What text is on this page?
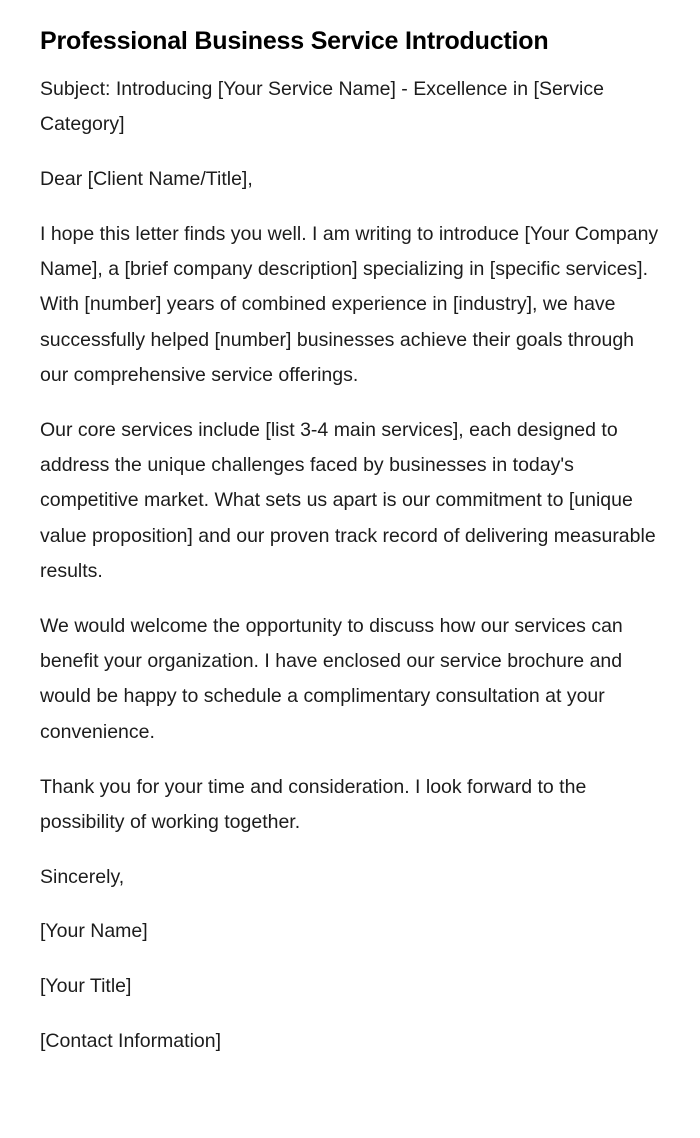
Professional Business Service Introduction

Subject: Introducing [Your Service Name] - Excellence in [Service Category]

Dear [Client Name/Title],

I hope this letter finds you well. I am writing to introduce [Your Company Name], a [brief company description] specializing in [specific services]. With [number] years of combined experience in [industry], we have successfully helped [number] businesses achieve their goals through our comprehensive service offerings.

Our core services include [list 3-4 main services], each designed to address the unique challenges faced by businesses in today's competitive market. What sets us apart is our commitment to [unique value proposition] and our proven track record of delivering measurable results.

We would welcome the opportunity to discuss how our services can benefit your organization. I have enclosed our service brochure and would be happy to schedule a complimentary consultation at your convenience.

Thank you for your time and consideration. I look forward to the possibility of working together.

Sincerely,

[Your Name]

[Your Title]

[Contact Information]
